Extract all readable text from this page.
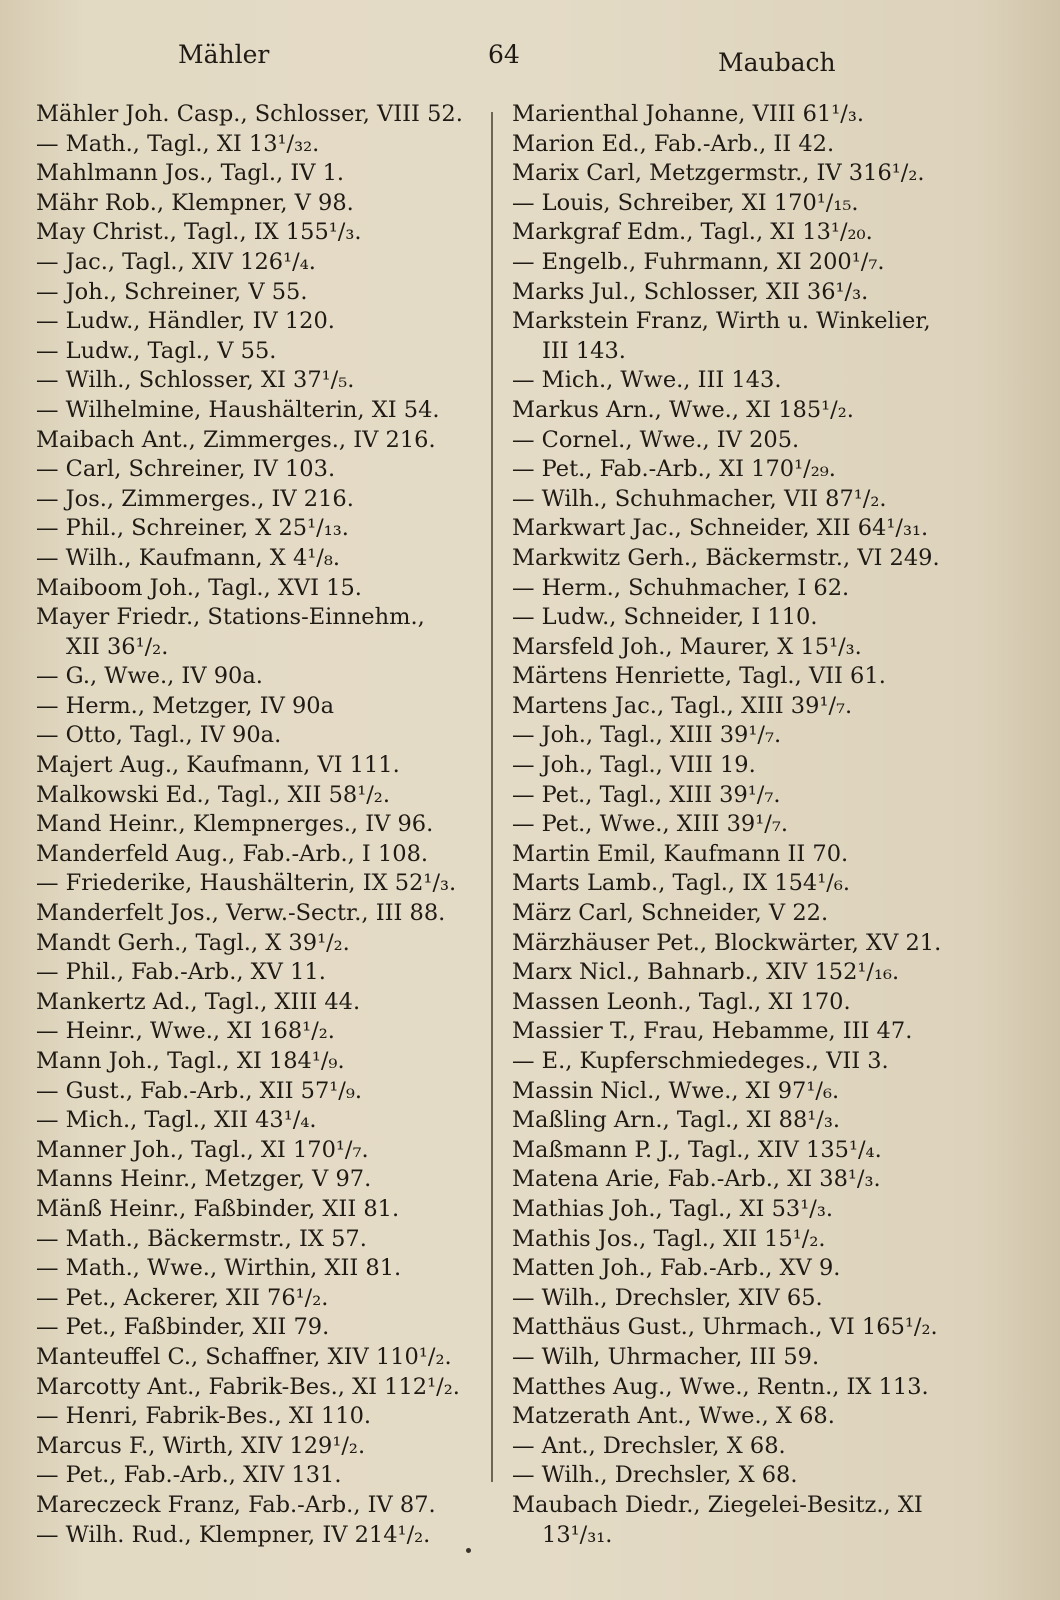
Mähler	64	Maubach
Mähler Joh. Casp., Schlosser, VIII 52.
— Math., Tagl., XI 13¹/₃₂.
Mahlmann Jos., Tagl., IV 1.
Mähr Rob., Klempner, V 98.
May Christ., Tagl., IX 155¹/₃.
— Jac., Tagl., XIV 126¹/₄.
— Joh., Schreiner, V 55.
— Ludw., Händler, IV 120.
— Ludw., Tagl., V 55.
— Wilh., Schlosser, XI 37¹/₅.
— Wilhelmine, Haushälterin, XI 54.
Maibach Ant., Zimmerges., IV 216.
— Carl, Schreiner, IV 103.
— Jos., Zimmerges., IV 216.
— Phil., Schreiner, X 25¹/₁₃.
— Wilh., Kaufmann, X 4¹/₈.
Maiboom Joh., Tagl., XVI 15.
Mayer Friedr., Stations-Einnehm.,
XII 36¹/₂.
— G., Wwe., IV 90a.
— Herm., Metzger, IV 90a
— Otto, Tagl., IV 90a.
Majert Aug., Kaufmann, VI 111.
Malkowski Ed., Tagl., XII 58¹/₂.
Mand Heinr., Klempnerges., IV 96.
Manderfeld Aug., Fab.-Arb., I 108.
— Friederike, Haushälterin, IX 52¹/₃.
Manderfelt Jos., Verw.-Sectr., III 88.
Mandt Gerh., Tagl., X 39¹/₂.
— Phil., Fab.-Arb., XV 11.
Mankertz Ad., Tagl., XIII 44.
— Heinr., Wwe., XI 168¹/₂.
Mann Joh., Tagl., XI 184¹/₉.
— Gust., Fab.-Arb., XII 57¹/₉.
— Mich., Tagl., XII 43¹/₄.
Manner Joh., Tagl., XI 170¹/₇.
Manns Heinr., Metzger, V 97.
Mänß Heinr., Faßbinder, XII 81.
— Math., Bäckermstr., IX 57.
— Math., Wwe., Wirthin, XII 81.
— Pet., Ackerer, XII 76¹/₂.
— Pet., Faßbinder, XII 79.
Manteuffel C., Schaffner, XIV 110¹/₂.
Marcotty Ant., Fabrik-Bes., XI 112¹/₂.
— Henri, Fabrik-Bes., XI 110.
Marcus F., Wirth, XIV 129¹/₂.
— Pet., Fab.-Arb., XIV 131.
Mareczeck Franz, Fab.-Arb., IV 87.
— Wilh. Rud., Klempner, IV 214¹/₂.
Marienthal Johanne, VIII 61¹/₃.
Marion Ed., Fab.-Arb., II 42.
Marix Carl, Metzgermstr., IV 316¹/₂.
— Louis, Schreiber, XI 170¹/₁₅.
Markgraf Edm., Tagl., XI 13¹/₂₀.
— Engelb., Fuhrmann, XI 200¹/₇.
Marks Jul., Schlosser, XII 36¹/₃.
Markstein Franz, Wirth u. Winkelier,
III 143.
— Mich., Wwe., III 143.
Markus Arn., Wwe., XI 185¹/₂.
— Cornel., Wwe., IV 205.
— Pet., Fab.-Arb., XI 170¹/₂₉.
— Wilh., Schuhmacher, VII 87¹/₂.
Markwart Jac., Schneider, XII 64¹/₃₁.
Markwitz Gerh., Bäckermstr., VI 249.
— Herm., Schuhmacher, I 62.
— Ludw., Schneider, I 110.
Marsfeld Joh., Maurer, X 15¹/₃.
Märtens Henriette, Tagl., VII 61.
Martens Jac., Tagl., XIII 39¹/₇.
— Joh., Tagl., XIII 39¹/₇.
— Joh., Tagl., VIII 19.
— Pet., Tagl., XIII 39¹/₇.
— Pet., Wwe., XIII 39¹/₇.
Martin Emil, Kaufmann II 70.
Marts Lamb., Tagl., IX 154¹/₆.
März Carl, Schneider, V 22.
Märzhäuser Pet., Blockwärter, XV 21.
Marx Nicl., Bahnarb., XIV 152¹/₁₆.
Massen Leonh., Tagl., XI 170.
Massier T., Frau, Hebamme, III 47.
— E., Kupferschmiedeges., VII 3.
Massin Nicl., Wwe., XI 97¹/₆.
Maßling Arn., Tagl., XI 88¹/₃.
Maßmann P. J., Tagl., XIV 135¹/₄.
Matena Arie, Fab.-Arb., XI 38¹/₃.
Mathias Joh., Tagl., XI 53¹/₃.
Mathis Jos., Tagl., XII 15¹/₂.
Matten Joh., Fab.-Arb., XV 9.
— Wilh., Drechsler, XIV 65.
Matthäus Gust., Uhrmach., VI 165¹/₂.
— Wilh, Uhrmacher, III 59.
Matthes Aug., Wwe., Rentn., IX 113.
Matzerath Ant., Wwe., X 68.
— Ant., Drechsler, X 68.
— Wilh., Drechsler, X 68.
Maubach Diedr., Ziegelei-Besitz., XI
13¹/₃₁.
